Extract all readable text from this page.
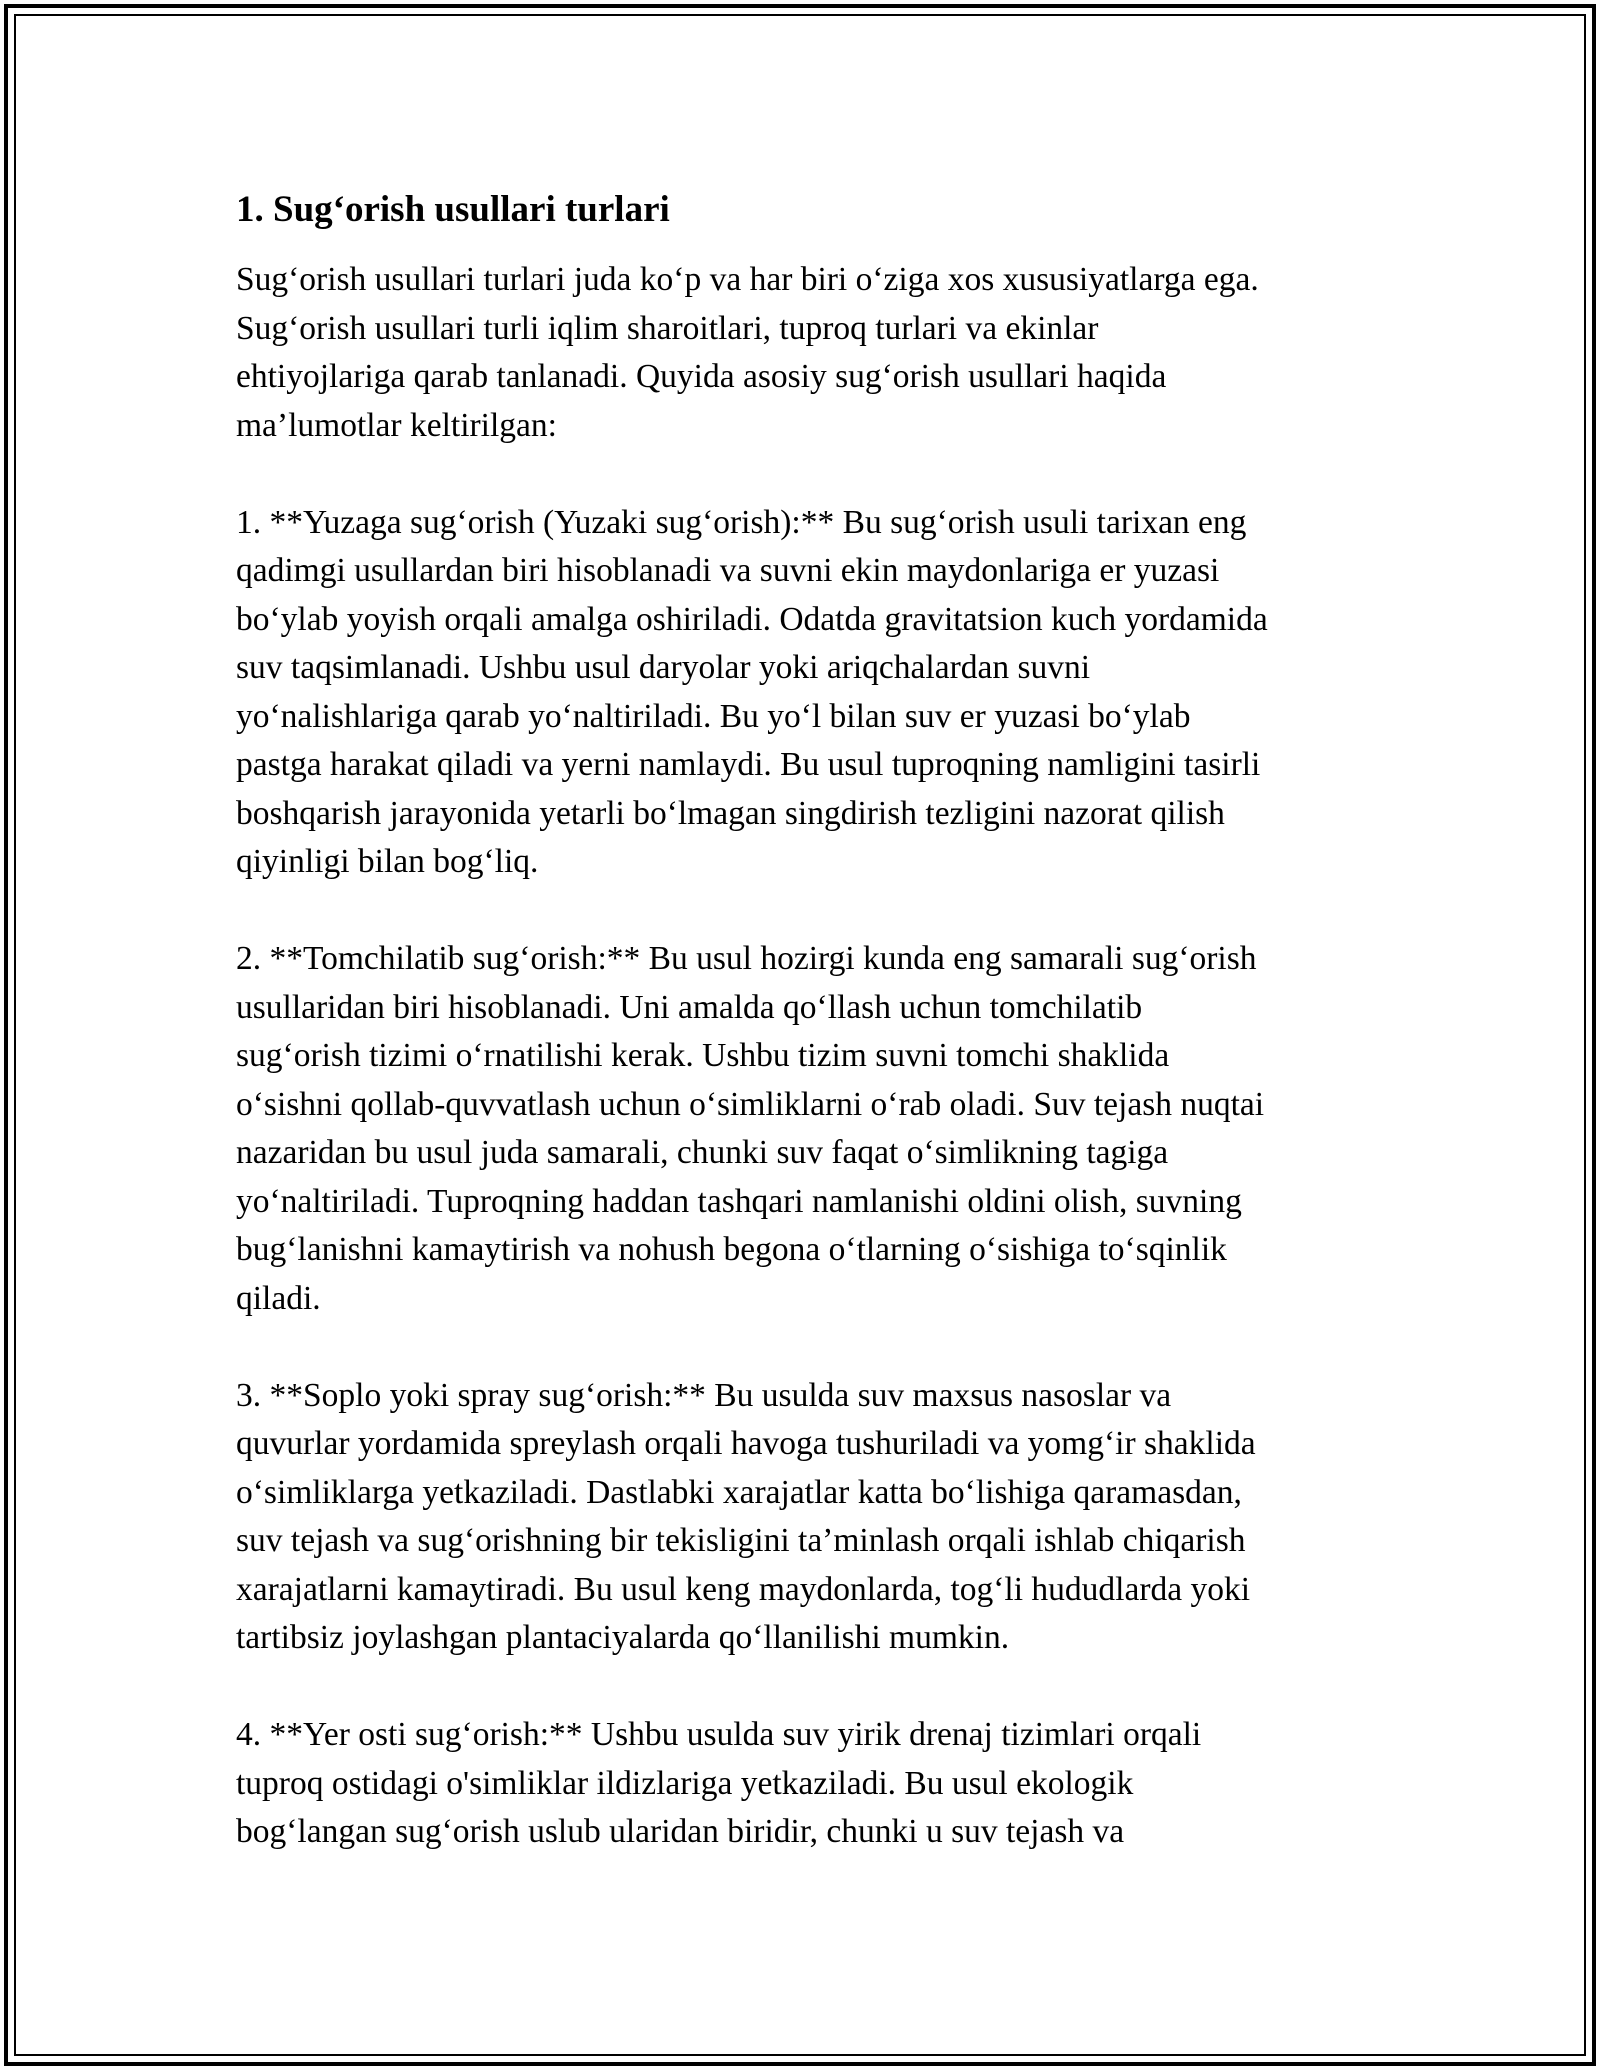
1. Sug‘orish usullari turlari

Sug‘orish usullari turlari juda ko‘p va har biri o‘ziga xos xususiyatlarga ega.
Sug‘orish usullari turli iqlim sharoitlari, tuproq turlari va ekinlar
ehtiyojlariga qarab tanlanadi. Quyida asosiy sug‘orish usullari haqida
ma’lumotlar keltirilgan:

1. **Yuzaga sug‘orish (Yuzaki sug‘orish):** Bu sug‘orish usuli tarixan eng
qadimgi usullardan biri hisoblanadi va suvni ekin maydonlariga er yuzasi
bo‘ylab yoyish orqali amalga oshiriladi. Odatda gravitatsion kuch yordamida
suv taqsimlanadi. Ushbu usul daryolar yoki ariqchalardan suvni
yo‘nalishlariga qarab yo‘naltiriladi. Bu yo‘l bilan suv er yuzasi bo‘ylab
pastga harakat qiladi va yerni namlaydi. Bu usul tuproqning namligini tasirli
boshqarish jarayonida yetarli bo‘lmagan singdirish tezligini nazorat qilish
qiyinligi bilan bog‘liq.

2. **Tomchilatib sug‘orish:** Bu usul hozirgi kunda eng samarali sug‘orish
usullaridan biri hisoblanadi. Uni amalda qo‘llash uchun tomchilatib
sug‘orish tizimi o‘rnatilishi kerak. Ushbu tizim suvni tomchi shaklida
o‘sishni qollab-quvvatlash uchun o‘simliklarni o‘rab oladi. Suv tejash nuqtai
nazaridan bu usul juda samarali, chunki suv faqat o‘simlikning tagiga
yo‘naltiriladi. Tuproqning haddan tashqari namlanishi oldini olish, suvning
bug‘lanishni kamaytirish va nohush begona o‘tlarning o‘sishiga to‘sqinlik
qiladi.

3. **Soplo yoki spray sug‘orish:** Bu usulda suv maxsus nasoslar va
quvurlar yordamida spreylash orqali havoga tushuriladi va yomg‘ir shaklida
o‘simliklarga yetkaziladi. Dastlabki xarajatlar katta bo‘lishiga qaramasdan,
suv tejash va sug‘orishning bir tekisligini ta’minlash orqali ishlab chiqarish
xarajatlarni kamaytiradi. Bu usul keng maydonlarda, tog‘li hududlarda yoki
tartibsiz joylashgan plantaciyalarda qo‘llanilishi mumkin.

4. **Yer osti sug‘orish:** Ushbu usulda suv yirik drenaj tizimlari orqali
tuproq ostidagi o'simliklar ildizlariga yetkaziladi. Bu usul ekologik
bog‘langan sug‘orish uslub ularidan biridir, chunki u suv tejash va
